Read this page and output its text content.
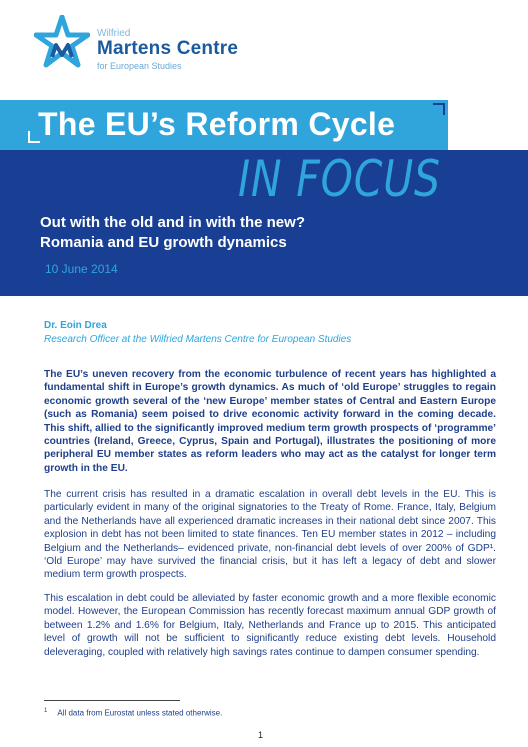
Wilfried
Martens Centre
for European Studies
The EU’s Reform Cycle
IN FOCUS
Out with the old and in with the new?
Romania and EU growth dynamics
10 June 2014
Dr. Eoin Drea
Research Officer at the Wilfried Martens Centre for European Studies
The EU’s uneven recovery from the economic turbulence of recent years has highlighted a fundamental shift in Europe’s growth dynamics. As much of ‘old Europe’ struggles to regain economic growth several of the ‘new Europe’ member states of Central and Eastern Europe (such as Romania) seem poised to drive economic activity forward in the coming decade. This shift, allied to the significantly improved medium term growth prospects of ‘programme’ countries (Ireland, Greece, Cyprus, Spain and Portugal), illustrates the positioning of more peripheral EU member states as reform leaders who may act as the catalyst for longer term growth in the EU.
The current crisis has resulted in a dramatic escalation in overall debt levels in the EU. This is particularly evident in many of the original signatories to the Treaty of Rome. France, Italy, Belgium and the Netherlands have all experienced dramatic increases in their national debt since 2007. This explosion in debt has not been limited to state finances. Ten EU member states in 2012 – including Belgium and the Netherlands– evidenced private, non-financial debt levels of over 200% of GDP¹. ‘Old Europe’ may have survived the financial crisis, but it has left a legacy of debt and slower medium term growth prospects.
This escalation in debt could be alleviated by faster economic growth and a more flexible economic model. However, the European Commission has recently forecast maximum annual GDP growth of between 1.2% and 1.6% for Belgium, Italy, Netherlands and France up to 2015. This anticipated level of growth will not be sufficient to significantly reduce existing debt levels. Household deleveraging, coupled with relatively high savings rates continue to dampen consumer spending.
$^1$ All data from Eurostat unless stated otherwise.
1
